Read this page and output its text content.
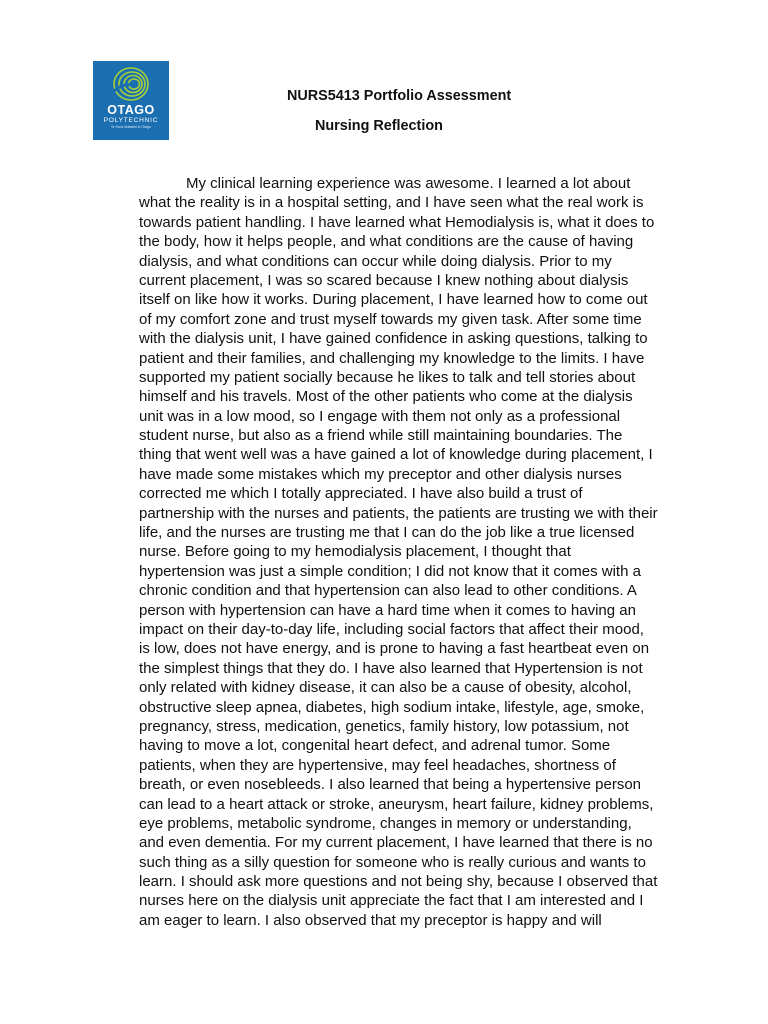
OTAGO
POLYTECHNIC
Te Kura Matatini ki Otago
NURS5413 Portfolio Assessment
Nursing Reflection
My clinical learning experience was awesome. I learned a lot about
what the reality is in a hospital setting, and I have seen what the real work is
towards patient handling. I have learned what Hemodialysis is, what it does to
the body, how it helps people, and what conditions are the cause of having
dialysis, and what conditions can occur while doing dialysis. Prior to my
current placement, I was so scared because I knew nothing about dialysis
itself on like how it works. During placement, I have learned how to come out
of my comfort zone and trust myself towards my given task. After some time
with the dialysis unit, I have gained confidence in asking questions, talking to
patient and their families, and challenging my knowledge to the limits. I have
supported my patient socially because he likes to talk and tell stories about
himself and his travels. Most of the other patients who come at the dialysis
unit was in a low mood, so I engage with them not only as a professional
student nurse, but also as a friend while still maintaining boundaries. The
thing that went well was a have gained a lot of knowledge during placement, I
have made some mistakes which my preceptor and other dialysis nurses
corrected me which I totally appreciated. I have also build a trust of
partnership with the nurses and patients, the patients are trusting we with their
life, and the nurses are trusting me that I can do the job like a true licensed
nurse. Before going to my hemodialysis placement, I thought that
hypertension was just a simple condition; I did not know that it comes with a
chronic condition and that hypertension can also lead to other conditions. A
person with hypertension can have a hard time when it comes to having an
impact on their day-to-day life, including social factors that affect their mood,
is low, does not have energy, and is prone to having a fast heartbeat even on
the simplest things that they do. I have also learned that Hypertension is not
only related with kidney disease, it can also be a cause of obesity, alcohol,
obstructive sleep apnea, diabetes, high sodium intake, lifestyle, age, smoke,
pregnancy, stress, medication, genetics, family history, low potassium, not
having to move a lot, congenital heart defect, and adrenal tumor. Some
patients, when they are hypertensive, may feel headaches, shortness of
breath, or even nosebleeds. I also learned that being a hypertensive person
can lead to a heart attack or stroke, aneurysm, heart failure, kidney problems,
eye problems, metabolic syndrome, changes in memory or understanding,
and even dementia. For my current placement, I have learned that there is no
such thing as a silly question for someone who is really curious and wants to
learn. I should ask more questions and not being shy, because I observed that
nurses here on the dialysis unit appreciate the fact that I am interested and I
am eager to learn. I also observed that my preceptor is happy and will
